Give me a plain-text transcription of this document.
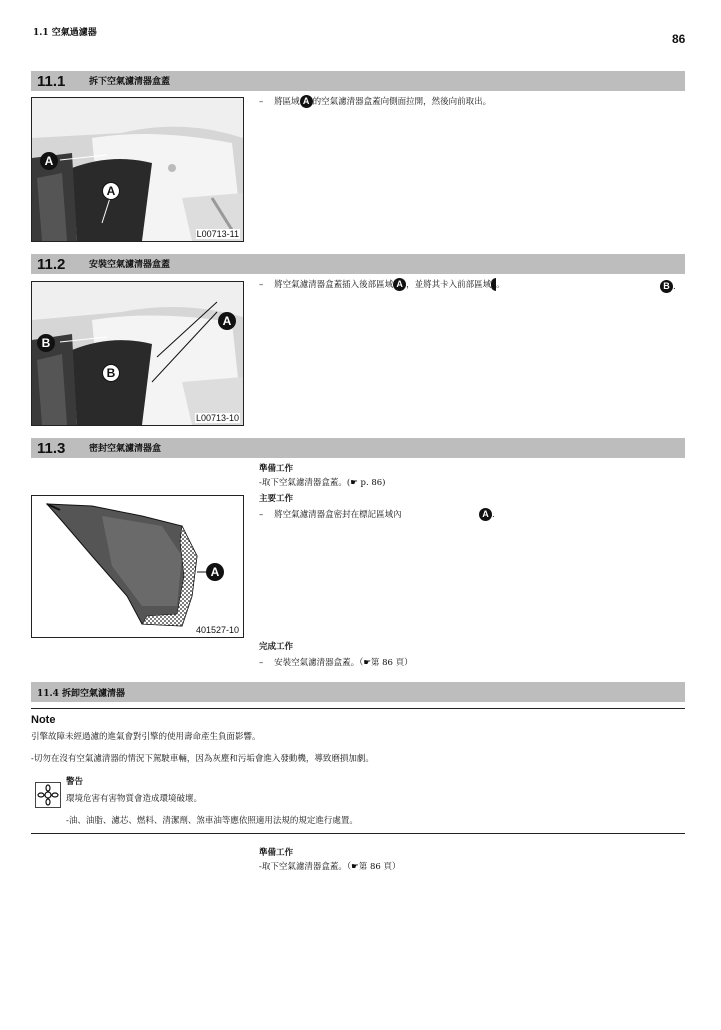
1.1 空氣過濾器	86
11.1	拆下空氣濾清器盒蓋
A
A
L00713-11
– 將區域 A 的空氣濾清器盒蓋向側面拉開，然後向前取出。
11.2	安裝空氣濾清器盒蓋
A
B
B
L00713-10
– 將空氣濾清器盒蓋插入後部區域 A ，並將其卡入前部區域 。	B .
11.3	密封空氣濾清器盒
準備工作
-取下空氣濾清器盒蓋。(☛ p. 86)
主要工作
– 將空氣濾清器盒密封在標記區域內	A .
A
401527-10
完成工作
– 安裝空氣濾清器盒蓋。（☛第 86 頁）
11.4 拆卸空氣濾清器
Note
引擎故障未經過濾的進氣會對引擎的使用壽命產生負面影響。
-切勿在沒有空氣濾清器的情況下駕駛車輛，因為灰塵和污垢會進入發動機，導致磨損加劇。
警告
環境危害有害物質會造成環境破壞。
-油、油脂、濾芯、燃料、清潔劑、煞車油等應依照適用法規的規定進行處置。
準備工作
-取下空氣濾清器盒蓋。（☛第 86 頁）
